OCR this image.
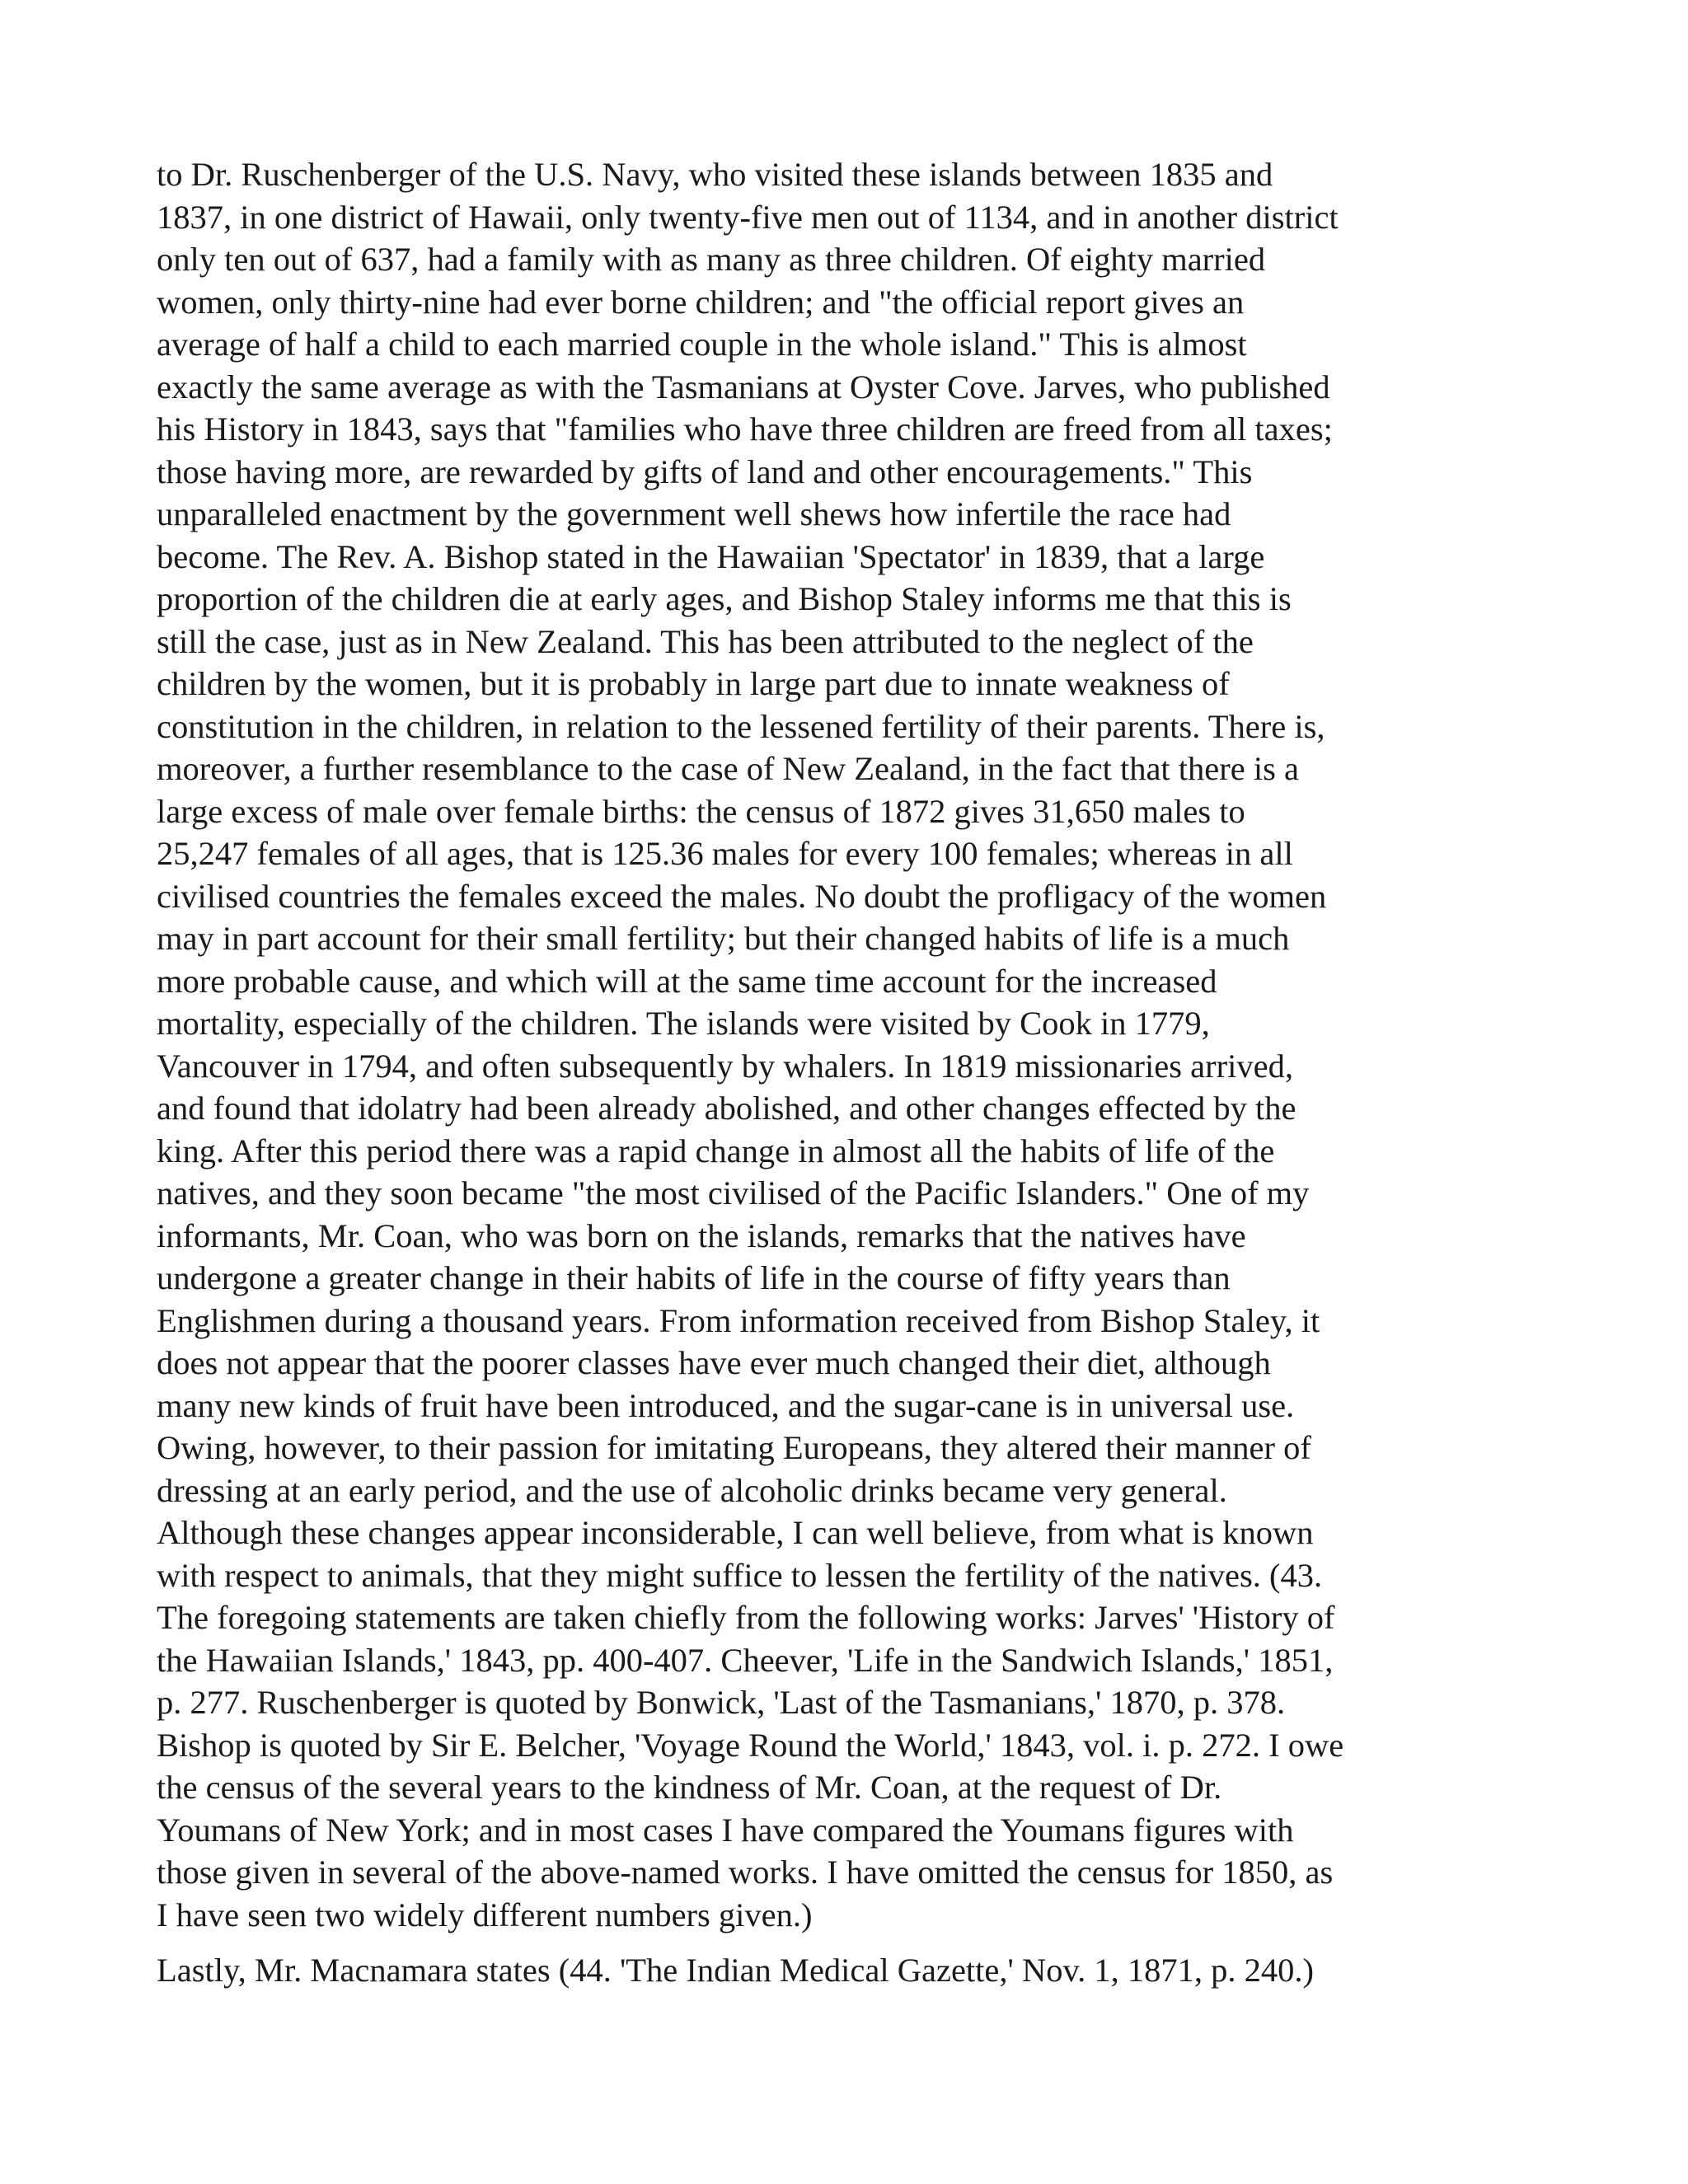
to Dr. Ruschenberger of the U.S. Navy, who visited these islands between 1835 and
1837, in one district of Hawaii, only twenty-five men out of 1134, and in another district
only ten out of 637, had a family with as many as three children. Of eighty married
women, only thirty-nine had ever borne children; and "the official report gives an
average of half a child to each married couple in the whole island." This is almost
exactly the same average as with the Tasmanians at Oyster Cove. Jarves, who published
his History in 1843, says that "families who have three children are freed from all taxes;
those having more, are rewarded by gifts of land and other encouragements." This
unparalleled enactment by the government well shews how infertile the race had
become. The Rev. A. Bishop stated in the Hawaiian 'Spectator' in 1839, that a large
proportion of the children die at early ages, and Bishop Staley informs me that this is
still the case, just as in New Zealand. This has been attributed to the neglect of the
children by the women, but it is probably in large part due to innate weakness of
constitution in the children, in relation to the lessened fertility of their parents. There is,
moreover, a further resemblance to the case of New Zealand, in the fact that there is a
large excess of male over female births: the census of 1872 gives 31,650 males to
25,247 females of all ages, that is 125.36 males for every 100 females; whereas in all
civilised countries the females exceed the males. No doubt the profligacy of the women
may in part account for their small fertility; but their changed habits of life is a much
more probable cause, and which will at the same time account for the increased
mortality, especially of the children. The islands were visited by Cook in 1779,
Vancouver in 1794, and often subsequently by whalers. In 1819 missionaries arrived,
and found that idolatry had been already abolished, and other changes effected by the
king. After this period there was a rapid change in almost all the habits of life of the
natives, and they soon became "the most civilised of the Pacific Islanders." One of my
informants, Mr. Coan, who was born on the islands, remarks that the natives have
undergone a greater change in their habits of life in the course of fifty years than
Englishmen during a thousand years. From information received from Bishop Staley, it
does not appear that the poorer classes have ever much changed their diet, although
many new kinds of fruit have been introduced, and the sugar-cane is in universal use.
Owing, however, to their passion for imitating Europeans, they altered their manner of
dressing at an early period, and the use of alcoholic drinks became very general.
Although these changes appear inconsiderable, I can well believe, from what is known
with respect to animals, that they might suffice to lessen the fertility of the natives. (43.
The foregoing statements are taken chiefly from the following works: Jarves' 'History of
the Hawaiian Islands,' 1843, pp. 400-407. Cheever, 'Life in the Sandwich Islands,' 1851,
p. 277. Ruschenberger is quoted by Bonwick, 'Last of the Tasmanians,' 1870, p. 378.
Bishop is quoted by Sir E. Belcher, 'Voyage Round the World,' 1843, vol. i. p. 272. I owe
the census of the several years to the kindness of Mr. Coan, at the request of Dr.
Youmans of New York; and in most cases I have compared the Youmans figures with
those given in several of the above-named works. I have omitted the census for 1850, as
I have seen two widely different numbers given.)
Lastly, Mr. Macnamara states (44. 'The Indian Medical Gazette,' Nov. 1, 1871, p. 240.)
